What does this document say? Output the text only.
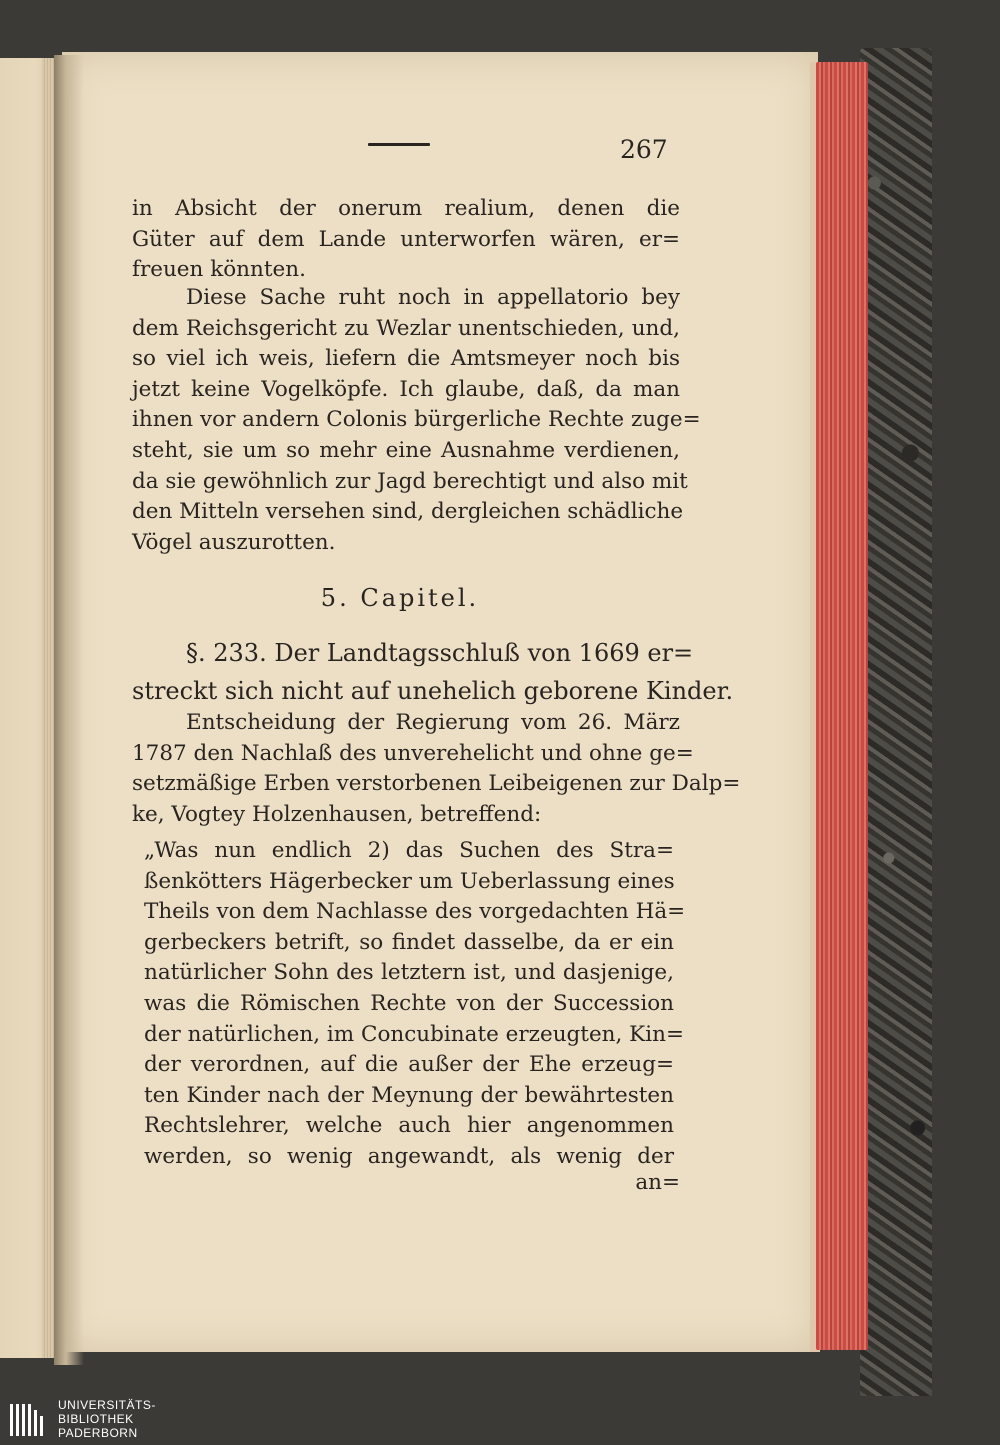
267
in Absicht der onerum realium, denen die
Güter auf dem Lande unterworfen wären, er=
freuen könnten.
Diese Sache ruht noch in appellatorio bey
dem Reichsgericht zu Wezlar unentschieden, und,
so viel ich weis, liefern die Amtsmeyer noch bis
jetzt keine Vogelköpfe. Ich glaube, daß, da man
ihnen vor andern Colonis bürgerliche Rechte zuge=
steht, sie um so mehr eine Ausnahme verdienen,
da sie gewöhnlich zur Jagd berechtigt und also mit
den Mitteln versehen sind, dergleichen schädliche
Vögel auszurotten.
5. Capitel.
§. 233. Der Landtagsschluß von 1669 er=
streckt sich nicht auf unehelich geborene Kinder.
Entscheidung der Regierung vom 26. März
1787 den Nachlaß des unverehelicht und ohne ge=
setzmäßige Erben verstorbenen Leibeigenen zur Dalp=
ke, Vogtey Holzenhausen, betreffend:
„Was nun endlich 2) das Suchen des Stra=
ßenkötters Hägerbecker um Ueberlassung eines
Theils von dem Nachlasse des vorgedachten Hä=
gerbeckers betrift, so findet dasselbe, da er ein
natürlicher Sohn des letztern ist, und dasjenige,
was die Römischen Rechte von der Succession
der natürlichen, im Concubinate erzeugten, Kin=
der verordnen, auf die außer der Ehe erzeug=
ten Kinder nach der Meynung der bewährtesten
Rechtslehrer, welche auch hier angenommen
werden, so wenig angewandt, als wenig der
an=
UNIVERSITÄTS-
BIBLIOTHEK
PADERBORN
